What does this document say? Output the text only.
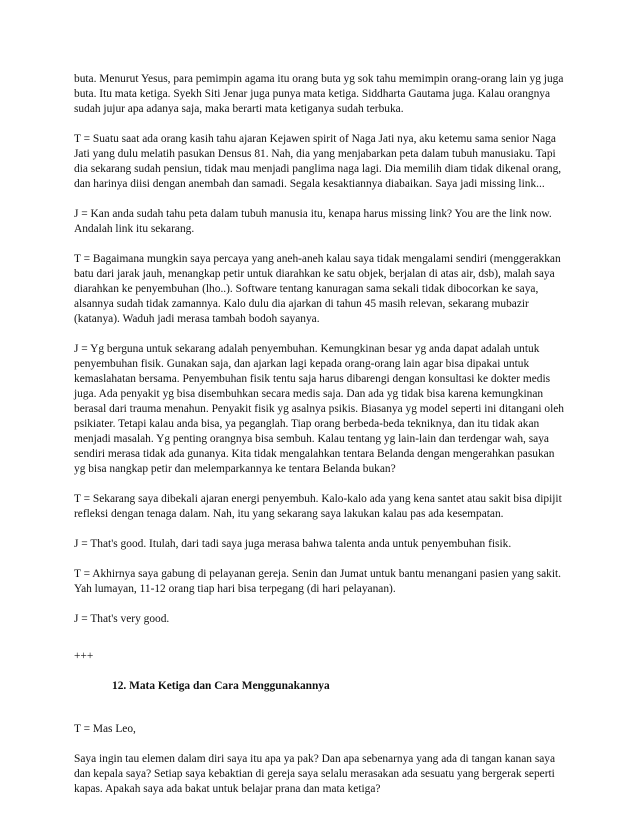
buta. Menurut Yesus, para pemimpin agama itu orang buta yg sok tahu memimpin orang-orang lain yg juga buta. Itu mata ketiga. Syekh Siti Jenar juga punya mata ketiga. Siddharta Gautama juga. Kalau orangnya sudah jujur apa adanya saja, maka berarti mata ketiganya sudah terbuka.

T = Suatu saat ada orang kasih tahu ajaran Kejawen spirit of Naga Jati nya, aku ketemu sama senior Naga Jati yang dulu melatih pasukan Densus 81. Nah, dia yang menjabarkan peta dalam tubuh manusiaku. Tapi dia sekarang sudah pensiun, tidak mau menjadi panglima naga lagi. Dia memilih diam tidak dikenal orang, dan harinya diisi dengan anembah dan samadi. Segala kesaktiannya diabaikan. Saya jadi missing link...

J = Kan anda sudah tahu peta dalam tubuh manusia itu, kenapa harus missing link? You are the link now. Andalah link itu sekarang.

T = Bagaimana mungkin saya percaya yang aneh-aneh kalau saya tidak mengalami sendiri (menggerakkan batu dari jarak jauh, menangkap petir untuk diarahkan ke satu objek, berjalan di atas air, dsb), malah saya diarahkan ke penyembuhan (lho..). Software tentang kanuragan sama sekali tidak dibocorkan ke saya, alsannya sudah tidak zamannya. Kalo dulu dia ajarkan di tahun 45 masih relevan, sekarang mubazir (katanya). Waduh jadi merasa tambah bodoh sayanya.

J = Yg berguna untuk sekarang adalah penyembuhan. Kemungkinan besar yg anda dapat adalah untuk penyembuhan fisik. Gunakan saja, dan ajarkan lagi kepada orang-orang lain agar bisa dipakai untuk kemaslahatan bersama. Penyembuhan fisik tentu saja harus dibarengi dengan konsultasi ke dokter medis juga. Ada penyakit yg bisa disembuhkan secara medis saja. Dan ada yg tidak bisa karena kemungkinan berasal dari trauma menahun. Penyakit fisik yg asalnya psikis. Biasanya yg model seperti ini ditangani oleh psikiater. Tetapi kalau anda bisa, ya peganglah. Tiap orang berbeda-beda tekniknya, dan itu tidak akan menjadi masalah. Yg penting orangnya bisa sembuh. Kalau tentang yg lain-lain dan terdengar wah, saya sendiri merasa tidak ada gunanya. Kita tidak mengalahkan tentara Belanda dengan mengerahkan pasukan yg bisa nangkap petir dan melemparkannya ke tentara Belanda bukan?

T = Sekarang saya dibekali ajaran energi penyembuh. Kalo-kalo ada yang kena santet atau sakit bisa dipijit refleksi dengan tenaga dalam. Nah, itu yang sekarang saya lakukan kalau pas ada kesempatan.

J = That's good. Itulah, dari tadi saya juga merasa bahwa talenta anda untuk penyembuhan fisik.

T = Akhirnya saya gabung di pelayanan gereja. Senin dan Jumat untuk bantu menangani pasien yang sakit. Yah lumayan, 11-12 orang tiap hari bisa terpegang (di hari pelayanan).

J = That's very good.

+++

12. Mata Ketiga dan Cara Menggunakannya

T = Mas Leo,

Saya ingin tau elemen dalam diri saya itu apa ya pak? Dan apa sebenarnya yang ada di tangan kanan saya dan kepala saya? Setiap saya kebaktian di gereja saya selalu merasakan ada sesuatu yang bergerak seperti kapas. Apakah saya ada bakat untuk belajar prana dan mata ketiga?
